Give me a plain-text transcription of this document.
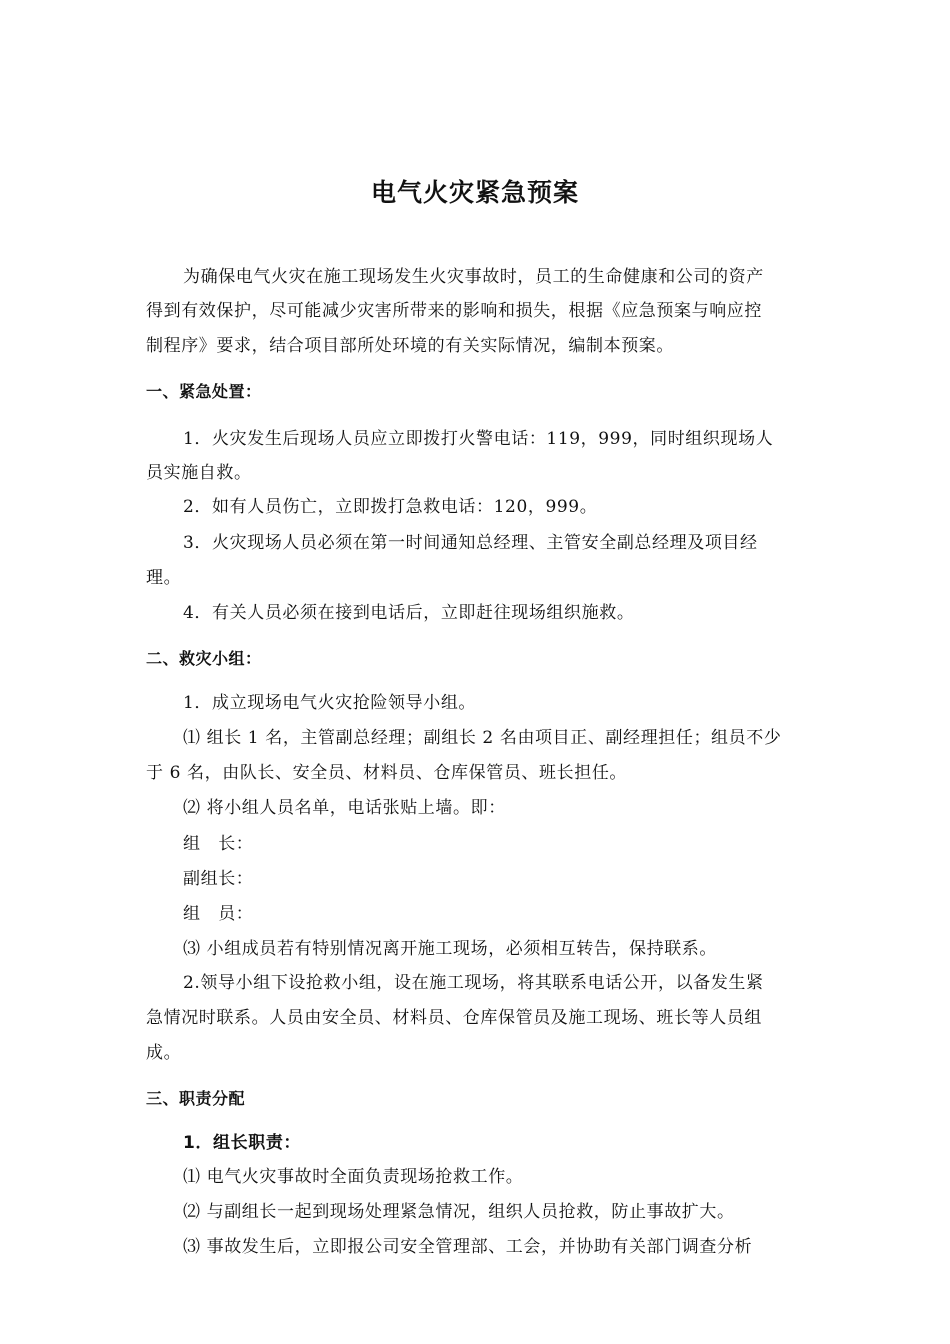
电气火灾紧急预案
为确保电气火灾在施工现场发生火灾事故时，员工的生命健康和公司的资产
得到有效保护，尽可能减少灾害所带来的影响和损失，根据《应急预案与响应控
制程序》要求，结合项目部所处环境的有关实际情况，编制本预案。
一、紧急处置：
1．火灾发生后现场人员应立即拨打火警电话：119，999，同时组织现场人
员实施自救。
2．如有人员伤亡，立即拨打急救电话：120，999。
3．火灾现场人员必须在第一时间通知总经理、主管安全副总经理及项目经
理。
4．有关人员必须在接到电话后，立即赶往现场组织施救。
二、救灾小组：
1．成立现场电气火灾抢险领导小组。
⑴ 组长 1 名，主管副总经理；副组长 2 名由项目正、副经理担任；组员不少
于 6 名，由队长、安全员、材料员、仓库保管员、班长担任。
⑵ 将小组人员名单，电话张贴上墙。即：
组　长：
副组长：
组　员：
⑶ 小组成员若有特别情况离开施工现场，必须相互转告，保持联系。
2.领导小组下设抢救小组，设在施工现场，将其联系电话公开，以备发生紧
急情况时联系。人员由安全员、材料员、仓库保管员及施工现场、班长等人员组
成。
三、职责分配
1．组长职责：
⑴ 电气火灾事故时全面负责现场抢救工作。
⑵ 与副组长一起到现场处理紧急情况，组织人员抢救，防止事故扩大。
⑶ 事故发生后，立即报公司安全管理部、工会，并协助有关部门调查分析
